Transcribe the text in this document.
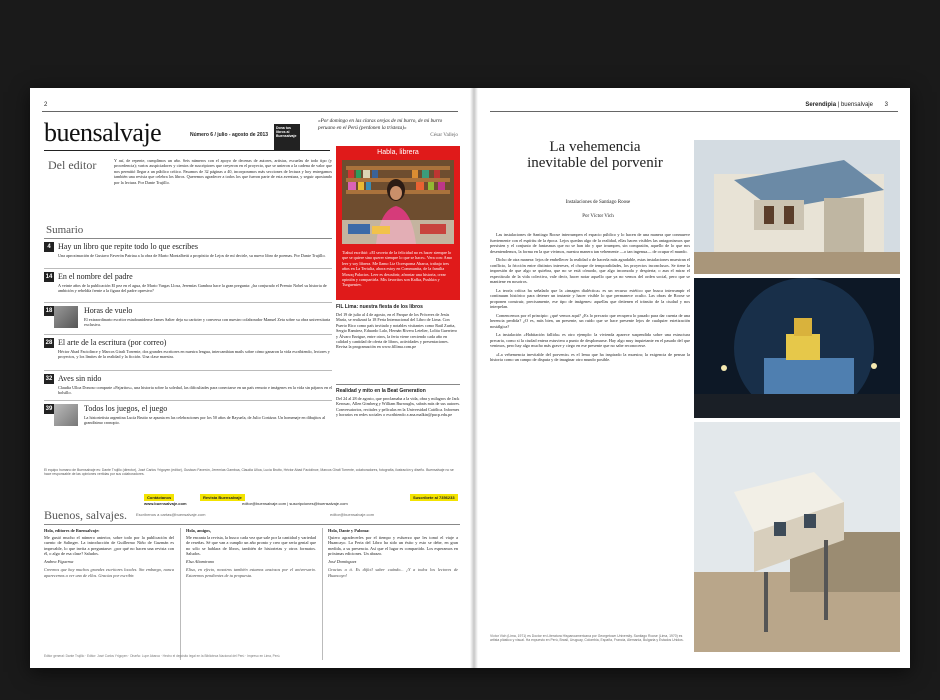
2
buensalvaje	Número 6 / julio - agosto de 2013
Dona tus libros al Buensalvaje
«Por domingo en las claras orejas de mi burro, de mi burro peruano en el Perú (perdonen la tristeza)»
César Vallejo
Del editor	Y así, de repente, cumplimos un año. Seis números con el apoyo de decenas de autores, artistas, escuelas de todo tipo (y procedencia); varios auspiciadores y cientos de suscriptores que creyeron en el proyecto, que se unieron a la cadena de valor que nos permitió llegar a un público crítico. Pasamos de 32 páginas a 40, incorporamos más secciones de lectura y hoy entregamos también una revista que celebra los libros. Queremos agradecer a todos los que fueron parte de esta aventura, y seguir apostando por la lectura. Por Dante Trujillo.
Habla, librera
Tiahuí escribió: «El secreto de la felicidad no es hacer siempre lo que se quiere sino querer siempre lo que se hace». Vera con: Amo leer y soy librera. Me llamo Liz Ocrespoma Abarca, trabajo tres años en La Tertulia, ahora estoy en Communita, de la familia Mosoq Palacios. Leer es descubrir, afrontar una historia, crear opinión y compartirla. Mis favoritos son Kafka, Pushkin y Turgueniev.
Sumario
4 Hay un libro que repite todo lo que escribes
Una aproximación de Gustavo Faverón Patriau a la obra de Mario Montalbetti a propósito de Lejos de mí decirle, su nuevo libro de poemas. Por Dante Trujillo.
14 En el nombre del padre
A veinte años de la publicación El pez en el agua, de Mario Vargas Llosa, Jeremías Gamboa hace la gran pregunta: ¿ha conjurado el Premio Nobel su historia de ambición y rebeldía frente a la figura del padre opresivo?
18	Horas de vuelo
El extraordinario escritor estadounidense James Salter deja su carácter y conversa con nuestro colaborador Manuel Zeta sobre su obra universitaria exclusiva.
28 El arte de la escritura (por correo)
Héctor Abad Faciolince y Marcos Giralt Torrente, dos grandes escritores en nuestra lengua, intercambian mails sobre cómo ganaron la vida escribiendo, lectores y proyectos, y los límites de la realidad y la ficción. Una clase maestra.
32 Aves sin nido
Claudia Ulloa Donoso comparte «Pajaritos», una historia sobre la soledad, las dificultades para conectarse en un país remoto e imágenes en la vida sin pájaros en el bolsillo.
39	Todos los juegos, el juego
La historietista argentina Lucía Brutto se apunta en las celebraciones por los 50 años de Rayuela, de Julio Cortázar. Un homenaje en dibujitos al grandísimo cronopio.
FIL Lima: nuestra fiesta de los libros
Del 19 de julio al 4 de agosto, en el Parque de los Próceres de Jesús María, se realizará la 18 Feria Internacional del Libro de Lima. Con Puerto Rico como país invitado y notables visitantes como Raúl Zurita, Sergio Ramírez, Eduardo Lalo, Hernán Rivera Letelier, Lolita Guerriero y Álvaro Enrigue, entre otros, la feria viene creciendo cada año en calidad y cantidad de oferta de libros, actividades y presentaciones. Revisa la programación en www.fillima.com.pe
Realidad y mito en la Beat Generation
Del 24 al 28 de agosto, que proclamaba a la vida, obra y milagros de Jack Kerouac, Allen Ginsberg y William Burroughs, sabrás más de sus autores. Conversatorios, recitales y películas en la Universidad Católica. Informes y horarios en redes sociales o escribiendo a ana.malkin@pucp.edu.pe
El equipo humano de Buensalvaje es: Dante Trujillo (director), José Carlos Yrigoyen (editor), Gustavo Faverón, Jeremías Gamboa, Claudia Ulloa, Lucía Brutto, Héctor Abad Faciolince, Marcos Giralt Torrente, colaboradores, fotografía, ilustración y diseño. Buensalvaje no se hace responsable de las opiniones vertidas por sus colaboradores.
Contáctanos	Revista Buensalvaje
www.buensalvaje.com
Suscríbete al 7356233
editor@buensalvaje.com | suscripciones@buensalvaje.com
Buenos, salvajes. Escríbenos a cartas@buensalvaje.com
Hola, editores de Buensalvaje:
Me gustó mucho el número anterior, sobre todo por la publicación del cuento de Salinger. La introducción de Guillermo Niño de Guzmán es impecable, lo que invita a preguntarse: ¿por qué no hacen una revista con él, o algo de esa clase? Saludos.
Andrea Figueroa
Creemos que hay muchos grandes escritores locales. Sin embargo, nunca aparecemos a ver uno de ellos. Gracias por escribir.
Hola, amigos,
Me encanta la revista, la busco cada vez que sale por la cantidad y variedad de reseñas. Sé que van a cumplir un año pronto y creo que sería genial que no sólo se hablara de libros, también de historietas y otros formatos. Saludos.
Elsa Altamirano
Elisa, en efecto, nosotros también estamos ansiosos por el aniversario. Estaremos pendientes de tu propuesta.
Hola, Dante y Paloma:
Quiero agradecerles por el tiempo y esfuerzo que les tomó el viaje a Huancayo. La Feria del Libro ha sido un éxito y esto se debe, en gran medida, a su presencia. Así que el lugar es compartido. Los esperamos en próximas ediciones. Un abrazo.
José Domínguez
Gracias a ti. Es difícil saber cuándo... ¡Y a todos los lectores de Huancayo!
editor@buensalvaje.com
Editor general: Dante Trujillo · Editor: José Carlos Yrigoyen · Diseño: Lupe Abarca · Hecho el depósito legal en la Biblioteca Nacional del Perú · Impreso en Lima, Perú.
Serendipia | buensalvaje 3
La vehemencia inevitable del porvenir
Instalaciones de Santiago Roose
Por Víctor Vich

Las instalaciones de Santiago Roose interrumpen el espacio público y lo hacen de una manera que conmueve fuertemente con el espíritu de la época. Lejos quedan algo de la realidad, ellas hacen visibles las antagonismos que persisten y el conjunto de fantasmas que no se han ido y que irrumpen, sin compasión, aquello de lo que nos desentendemos, la forma en la que vivimos, nuestra manera tan vehemente —o tan ingenua— de ocupar el mundo.

Dicho de otra manera: lejos de embellecer la realidad o de hacerla más agradable, estas instalaciones muestran el conflicto, la fricción entre distintos intereses, el choque de temporalidades, los proyectos inconclusos. Se tiene la impresión de que algo se quiebra, que no se está cómodo, que algo incomoda y despierta; o aun el mirar el espectáculo de la vida colectiva, vale decir, hacer notar aquello que ya no vemos del orden social, pero que se mantiene en nosotros.

La teoría crítica ha señalado que la «imagen dialéctica» es un recurso estético que busca interrumpir el continuum histórico para detener un instante y hacer visible lo que permanece oculto. Las obras de Roose se proponen construir, precisamente, ese tipo de imágenes: aquellas que detienen el tránsito de la ciudad y nos interpelan.

Comencemos por el principio: ¿qué vemos aquí? ¿Es lo precario que recupera lo pasado para dar cuenta de una herencia perdida? ¿O es, más bien, un presente, un ruido que se hace presente lejos de cualquier estetización nostálgica?

La instalación «Habitación fallida» es otro ejemplo: la vivienda aparece suspendida sobre una estructura precaria, como si la ciudad entera estuviera a punto de desplomarse. Hay algo muy inquietante en el pasado del que venimos, pero hay algo mucho más grave y ciego en ese presente que no sabe reconocerse.

«La vehemencia inevitable del porvenir» es el lema que ha inspirado la muestra; la exigencia de pensar la historia como un campo de disputa y de imaginar otro mundo posible.

Víctor Vich (Lima, 1971) es Doctor en Literatura Hispanoamericana por Georgetown University. Santiago Roose (Lima, 1970) es artista plástico y visual. Ha expuesto en Perú, Brasil, Uruguay, Colombia, España, Francia, Alemania, Bulgaria y Estados Unidos.
